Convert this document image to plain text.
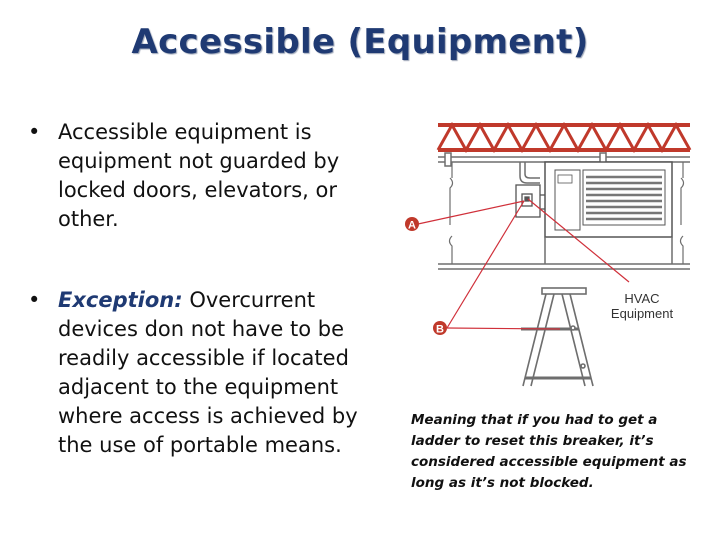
Accessible (Equipment)
• Accessible equipment is equipment not guarded by locked doors, elevators, or other.
• Exception: Overcurrent devices don not have to be readily accessible if located adjacent to the equipment where access is achieved by the use of portable means.
A
B
HVAC
Equipment
Meaning that if you had to get a ladder to reset this breaker, it’s considered accessible equipment as long as it’s not blocked.
